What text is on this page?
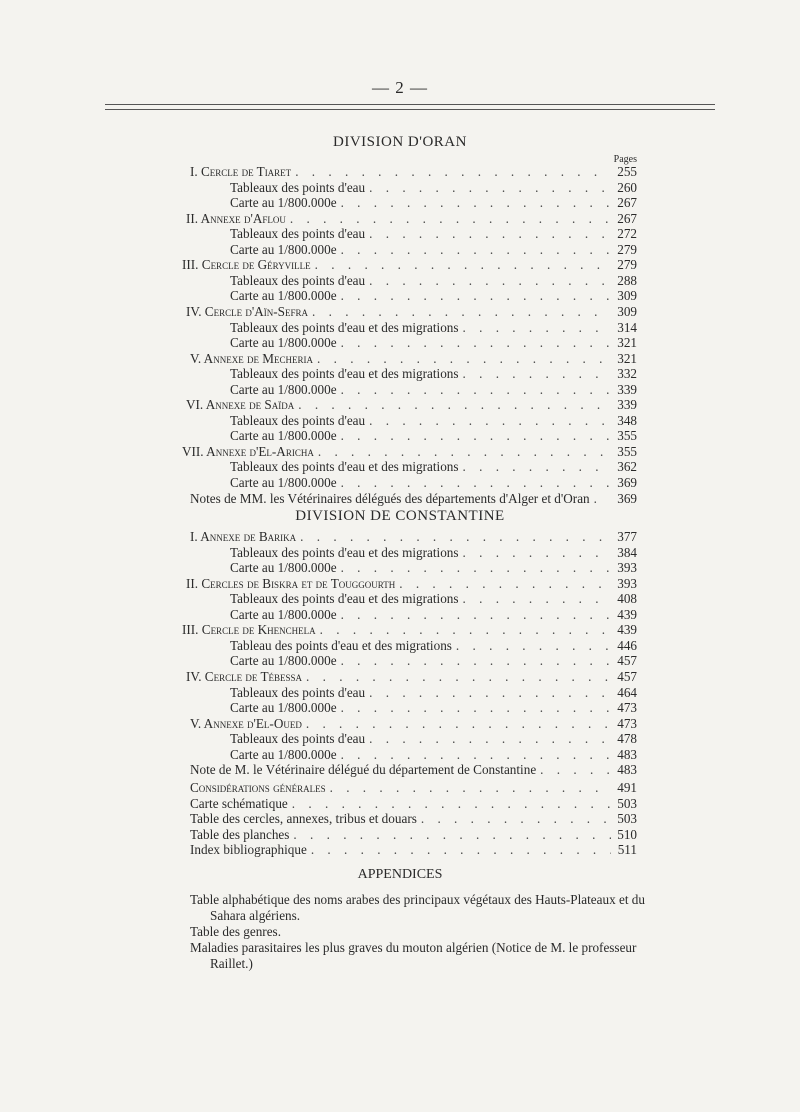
— 2 —
DIVISION D'ORAN
Pages
I. Cercle de Tiaret . . .	255
Tableaux des points d'eau . . .	260
Carte au 1/800.000e . . .	267
II. Annexe d'Aflou . . .	267
Tableaux des points d'eau . . .	272
Carte au 1/800.000e . . .	279
III. Cercle de Géryville . . .	279
Tableaux des points d'eau . . .	288
Carte au 1/800.000e . . .	309
IV. Cercle d'Aïn-Sefra . . .	309
Tableaux des points d'eau et des migrations . . .	314
Carte au 1/800.000e . . .	321
V. Annexe de Mecheria . . .	321
Tableaux des points d'eau et des migrations . . .	332
Carte au 1/800.000e . . .	339
VI. Annexe de Saïda . . .	339
Tableaux des points d'eau . . .	348
Carte au 1/800.000e . . .	355
VII. Annexe d'El-Aricha . . .	355
Tableaux des points d'eau et des migrations . . .	362
Carte au 1/800.000e . . .	369
Notes de MM. les Vétérinaires délégués des départements d'Alger et d'Oran . . . 369
DIVISION DE CONSTANTINE
I. Annexe de Barika . . .	377
Tableaux des points d'eau et des migrations . . .	384
Carte au 1/800.000e . . .	393
II. Cercles de Biskra et de Touggourth . . .	393
Tableaux des points d'eau et des migrations . . .	408
Carte au 1/800.000e . . .	439
III. Cercle de Khenchela . . .	439
Tableau des points d'eau et des migrations . . .	446
Carte au 1/800.000e . . .	457
IV. Cercle de Tébessa . . .	457
Tableaux des points d'eau . . .	464
Carte au 1/800.000e . . .	473
V. Annexe d'El-Oued . . .	473
Tableaux des points d'eau . . .	478
Carte au 1/800.000e . . .	483
Note de M. le Vétérinaire délégué du département de Constantine . . .	483
Considérations générales . . .	491
Carte schématique . . .	503
Table des cercles, annexes, tribus et douars . . .	503
Table des planches . . .	510
Index bibliographique . . .	511
APPENDICES
Table alphabétique des noms arabes des principaux végétaux des Hauts-Plateaux et du
Sahara algériens.
Table des genres.
Maladies parasitaires les plus graves du mouton algérien (Notice de M. le professeur
Raillet.)
